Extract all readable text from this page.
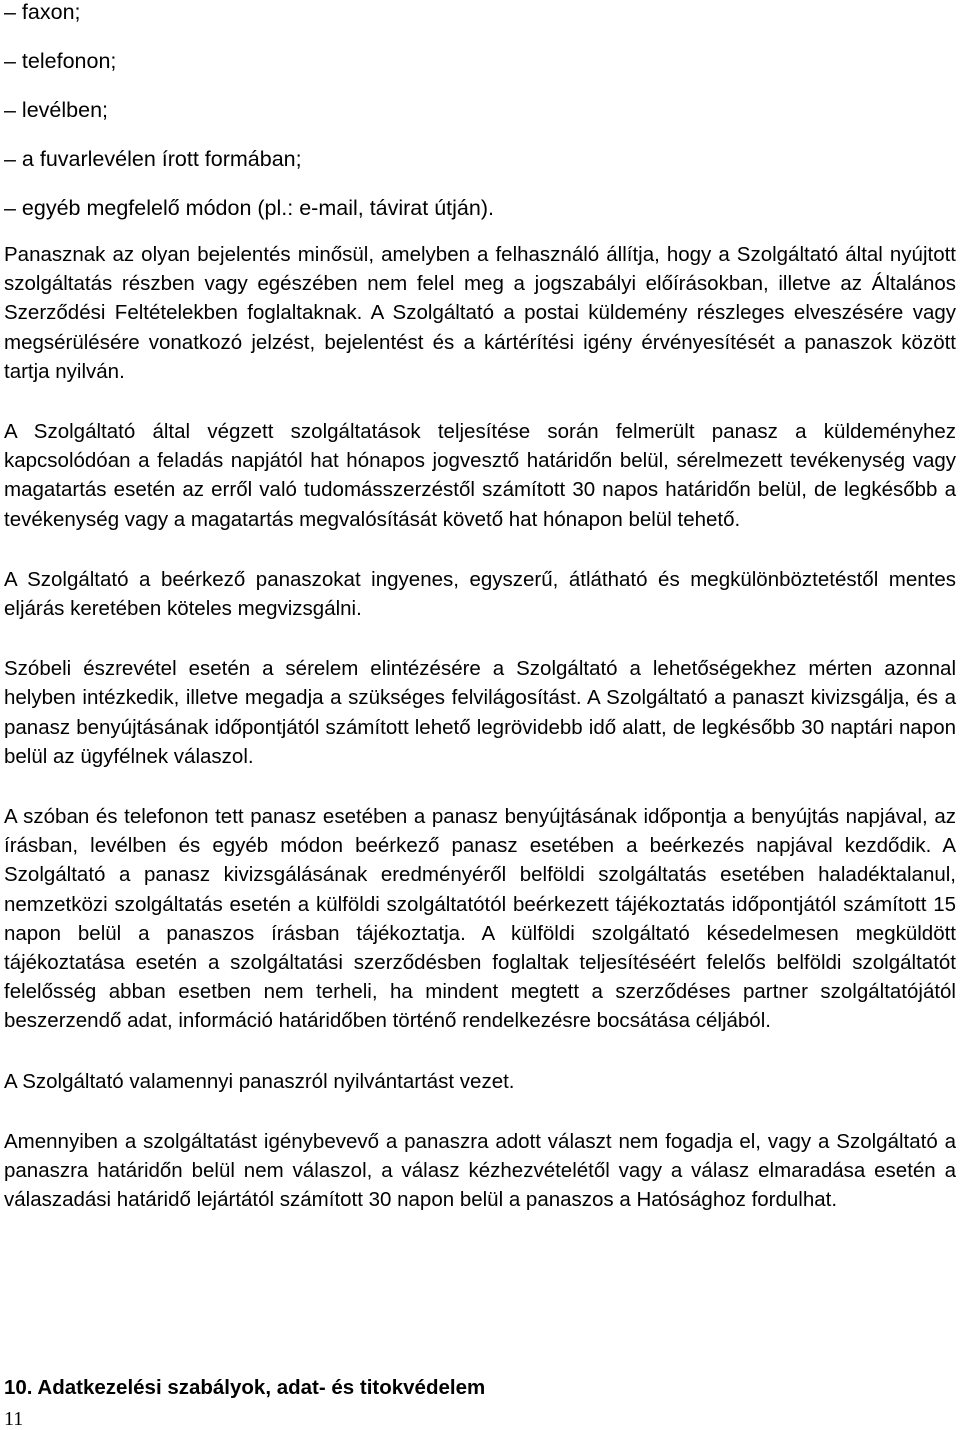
– faxon;
– telefonon;
– levélben;
– a fuvarlevélen írott formában;
– egyéb megfelelő módon (pl.: e-mail, távirat útján).

Panasznak az olyan bejelentés minősül, amelyben a felhasználó állítja, hogy a Szolgáltató által nyújtott szolgáltatás részben vagy egészében nem felel meg a jogszabályi előírásokban, illetve az Általános Szerződési Feltételekben foglaltaknak. A Szolgáltató a postai küldemény részleges elveszésére vagy megsérülésére vonatkozó jelzést, bejelentést és a kártérítési igény érvényesítését a panaszok között tartja nyilván.

A Szolgáltató által végzett szolgáltatások teljesítése során felmerült panasz a küldeményhez kapcsolódóan a feladás napjától hat hónapos jogvesztő határidőn belül, sérelmezett tevékenység vagy magatartás esetén az erről való tudomásszerzéstől számított 30 napos határidőn belül, de legkésőbb a tevékenység vagy a magatartás megvalósítását követő hat hónapon belül tehető.

A Szolgáltató a beérkező panaszokat ingyenes, egyszerű, átlátható és megkülönböztetéstől mentes eljárás keretében köteles megvizsgálni.

Szóbeli észrevétel esetén a sérelem elintézésére a Szolgáltató a lehetőségekhez mérten azonnal helyben intézkedik, illetve megadja a szükséges felvilágosítást. A Szolgáltató a panaszt kivizsgálja, és a panasz benyújtásának időpontjától számított lehető legrövidebb idő alatt, de legkésőbb 30 naptári napon belül az ügyfélnek válaszol.

A szóban és telefonon tett panasz esetében a panasz benyújtásának időpontja a benyújtás napjával, az írásban, levélben és egyéb módon beérkező panasz esetében a beérkezés napjával kezdődik. A Szolgáltató a panasz kivizsgálásának eredményéről belföldi szolgáltatás esetében haladéktalanul, nemzetközi szolgáltatás esetén a külföldi szolgáltatótól beérkezett tájékoztatás időpontjától számított 15 napon belül a panaszos írásban tájékoztatja. A külföldi szolgáltató késedelmesen megküldött tájékoztatása esetén a szolgáltatási szerződésben foglaltak teljesítéséért felelős belföldi szolgáltatót felelősség abban esetben nem terheli, ha mindent megtett a szerződéses partner szolgáltatójától beszerzendő adat, információ határidőben történő rendelkezésre bocsátása céljából.

A Szolgáltató valamennyi panaszról nyilvántartást vezet.

Amennyiben a szolgáltatást igénybevevő a panaszra adott választ nem fogadja el, vagy a Szolgáltató a panaszra határidőn belül nem válaszol, a válasz kézhezvételétől vagy a válasz elmaradása esetén a válaszadási határidő lejártától számított 30 napon belül a panaszos a Hatósághoz fordulhat.

10. Adatkezelési szabályok, adat- és titokvédelem
11
